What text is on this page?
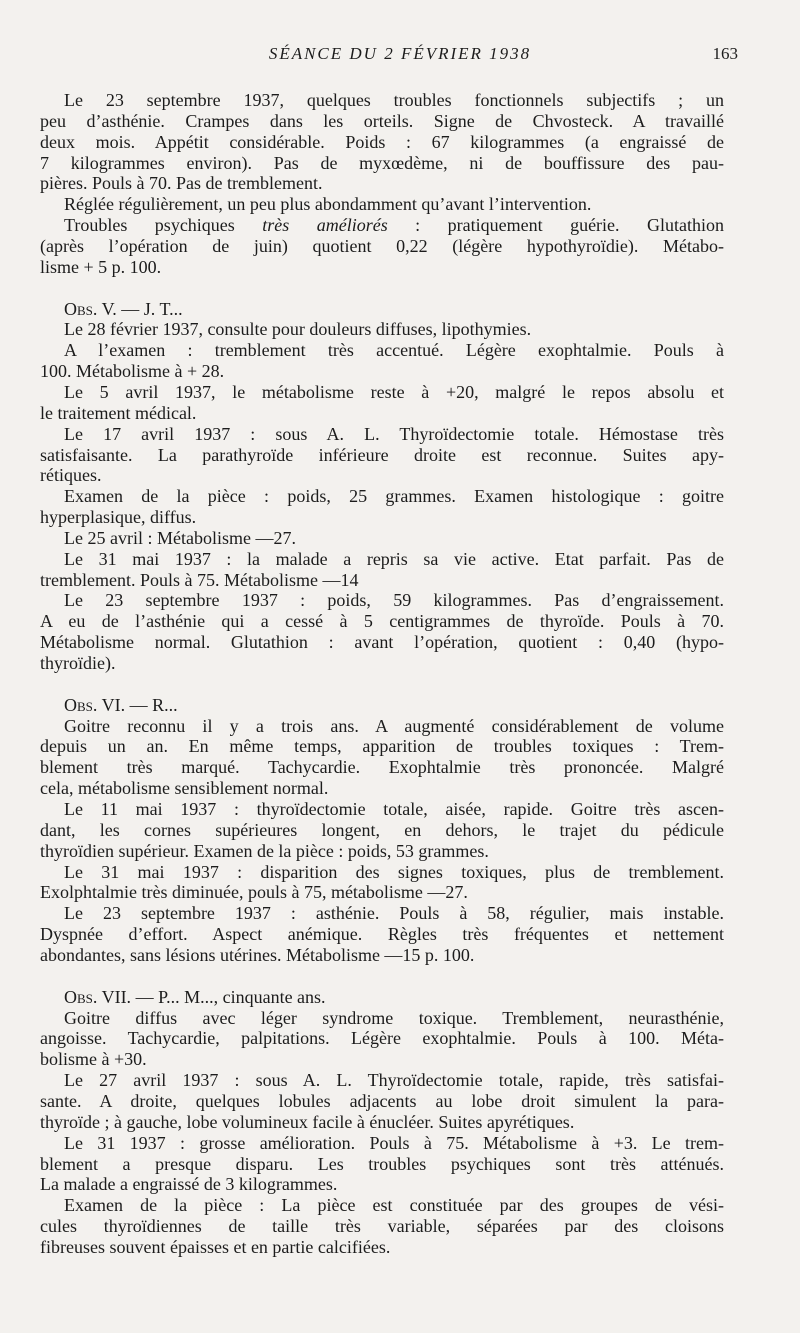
SÉANCE DU 2 FÉVRIER 1938	163
Le 23 septembre 1937, quelques troubles fonctionnels subjectifs ; un
peu d’asthénie. Crampes dans les orteils. Signe de Chvosteck. A travaillé
deux mois. Appétit considérable. Poids : 67 kilogrammes (a engraissé de
7 kilogrammes environ). Pas de myxœdème, ni de bouffissure des pau-
pières. Pouls à 70. Pas de tremblement.
Réglée régulièrement, un peu plus abondamment qu’avant l’intervention.
Troubles psychiques très améliorés : pratiquement guérie. Glutathion
(après l’opération de juin) quotient 0,22 (légère hypothyroïdie). Métabo-
lisme + 5 p. 100.
Obs. V. — J. T...
Le 28 février 1937, consulte pour douleurs diffuses, lipothymies.
A l’examen : tremblement très accentué. Légère exophtalmie. Pouls à
100. Métabolisme à + 28.
Le 5 avril 1937, le métabolisme reste à +20, malgré le repos absolu et
le traitement médical.
Le 17 avril 1937 : sous A. L. Thyroïdectomie totale. Hémostase très
satisfaisante. La parathyroïde inférieure droite est reconnue. Suites apy-
rétiques.
Examen de la pièce : poids, 25 grammes. Examen histologique : goitre
hyperplasique, diffus.
Le 25 avril : Métabolisme —27.
Le 31 mai 1937 : la malade a repris sa vie active. Etat parfait. Pas de
tremblement. Pouls à 75. Métabolisme —14
Le 23 septembre 1937 : poids, 59 kilogrammes. Pas d’engraissement.
A eu de l’asthénie qui a cessé à 5 centigrammes de thyroïde. Pouls à 70.
Métabolisme normal. Glutathion : avant l’opération, quotient : 0,40 (hypo-
thyroïdie).
Obs. VI. — R...
Goitre reconnu il y a trois ans. A augmenté considérablement de volume
depuis un an. En même temps, apparition de troubles toxiques : Trem-
blement très marqué. Tachycardie. Exophtalmie très prononcée. Malgré
cela, métabolisme sensiblement normal.
Le 11 mai 1937 : thyroïdectomie totale, aisée, rapide. Goitre très ascen-
dant, les cornes supérieures longent, en dehors, le trajet du pédicule
thyroïdien supérieur. Examen de la pièce : poids, 53 grammes.
Le 31 mai 1937 : disparition des signes toxiques, plus de tremblement.
Exolphtalmie très diminuée, pouls à 75, métabolisme —27.
Le 23 septembre 1937 : asthénie. Pouls à 58, régulier, mais instable.
Dyspnée d’effort. Aspect anémique. Règles très fréquentes et nettement
abondantes, sans lésions utérines. Métabolisme —15 p. 100.
Obs. VII. — P... M..., cinquante ans.
Goitre diffus avec léger syndrome toxique. Tremblement, neurasthénie,
angoisse. Tachycardie, palpitations. Légère exophtalmie. Pouls à 100. Méta-
bolisme à +30.
Le 27 avril 1937 : sous A. L. Thyroïdectomie totale, rapide, très satisfai-
sante. A droite, quelques lobules adjacents au lobe droit simulent la para-
thyroïde ; à gauche, lobe volumineux facile à énucléer. Suites apyrétiques.
Le 31 1937 : grosse amélioration. Pouls à 75. Métabolisme à +3. Le trem-
blement a presque disparu. Les troubles psychiques sont très atténués.
La malade a engraissé de 3 kilogrammes.
Examen de la pièce : La pièce est constituée par des groupes de vési-
cules thyroïdiennes de taille très variable, séparées par des cloisons
fibreuses souvent épaisses et en partie calcifiées.
